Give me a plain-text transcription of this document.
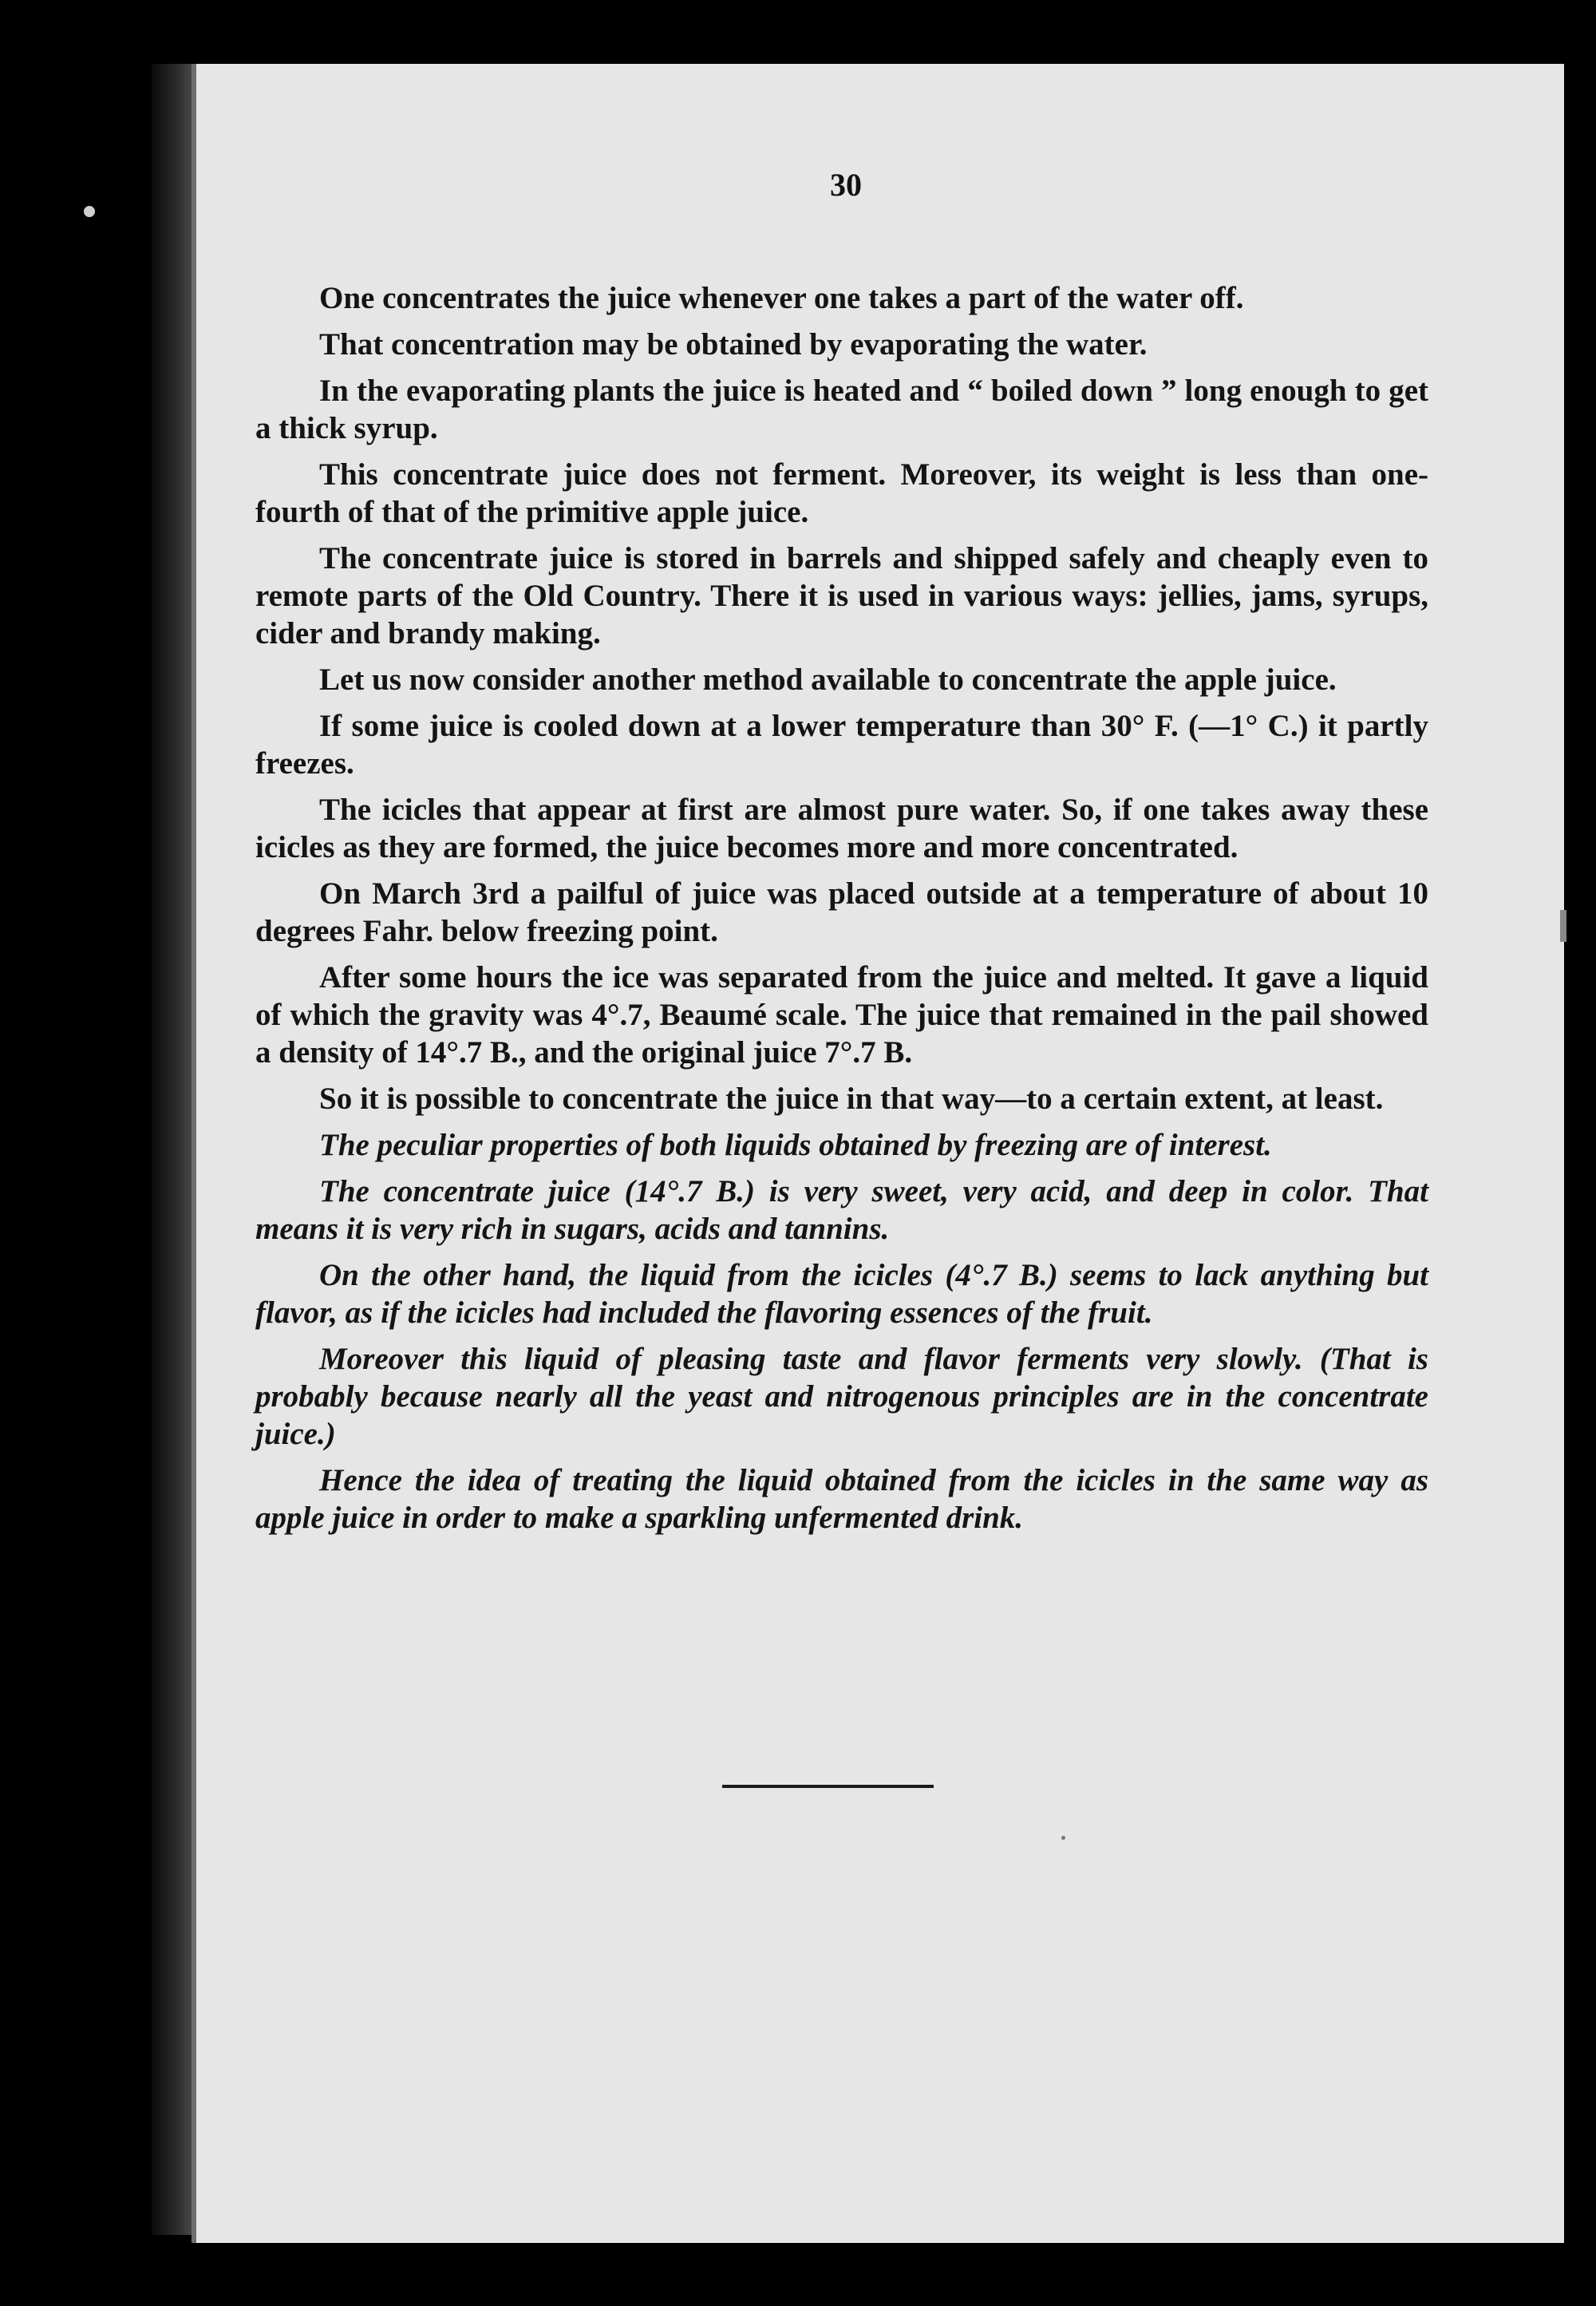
30

One concentrates the juice whenever one takes a part of the water off.

That concentration may be obtained by evaporating the water.

In the evaporating plants the juice is heated and “ boiled down ” long enough to get a thick syrup.

This concentrate juice does not ferment. Moreover, its weight is less than one-fourth of that of the primitive apple juice.

The concentrate juice is stored in barrels and shipped safely and cheaply even to remote parts of the Old Country. There it is used in various ways: jellies, jams, syrups, cider and brandy making.

Let us now consider another method available to concentrate the apple juice.

If some juice is cooled down at a lower temperature than 30° F. (—1° C.) it partly freezes.

The icicles that appear at first are almost pure water. So, if one takes away these icicles as they are formed, the juice becomes more and more concentrated.

On March 3rd a pailful of juice was placed outside at a temperature of about 10 degrees Fahr. below freezing point.

After some hours the ice was separated from the juice and melted. It gave a liquid of which the gravity was 4°.7, Beaumé scale. The juice that remained in the pail showed a density of 14°.7 B., and the original juice 7°.7 B.

So it is possible to concentrate the juice in that way—to a certain extent, at least.

The peculiar properties of both liquids obtained by freezing are of interest.

The concentrate juice (14°.7 B.) is very sweet, very acid, and deep in color. That means it is very rich in sugars, acids and tannins.

On the other hand, the liquid from the icicles (4°.7 B.) seems to lack anything but flavor, as if the icicles had included the flavoring essences of the fruit.

Moreover this liquid of pleasing taste and flavor ferments very slowly. (That is probably because nearly all the yeast and nitrogenous principles are in the concentrate juice.)

Hence the idea of treating the liquid obtained from the icicles in the same way as apple juice in order to make a sparkling unfermented drink.
